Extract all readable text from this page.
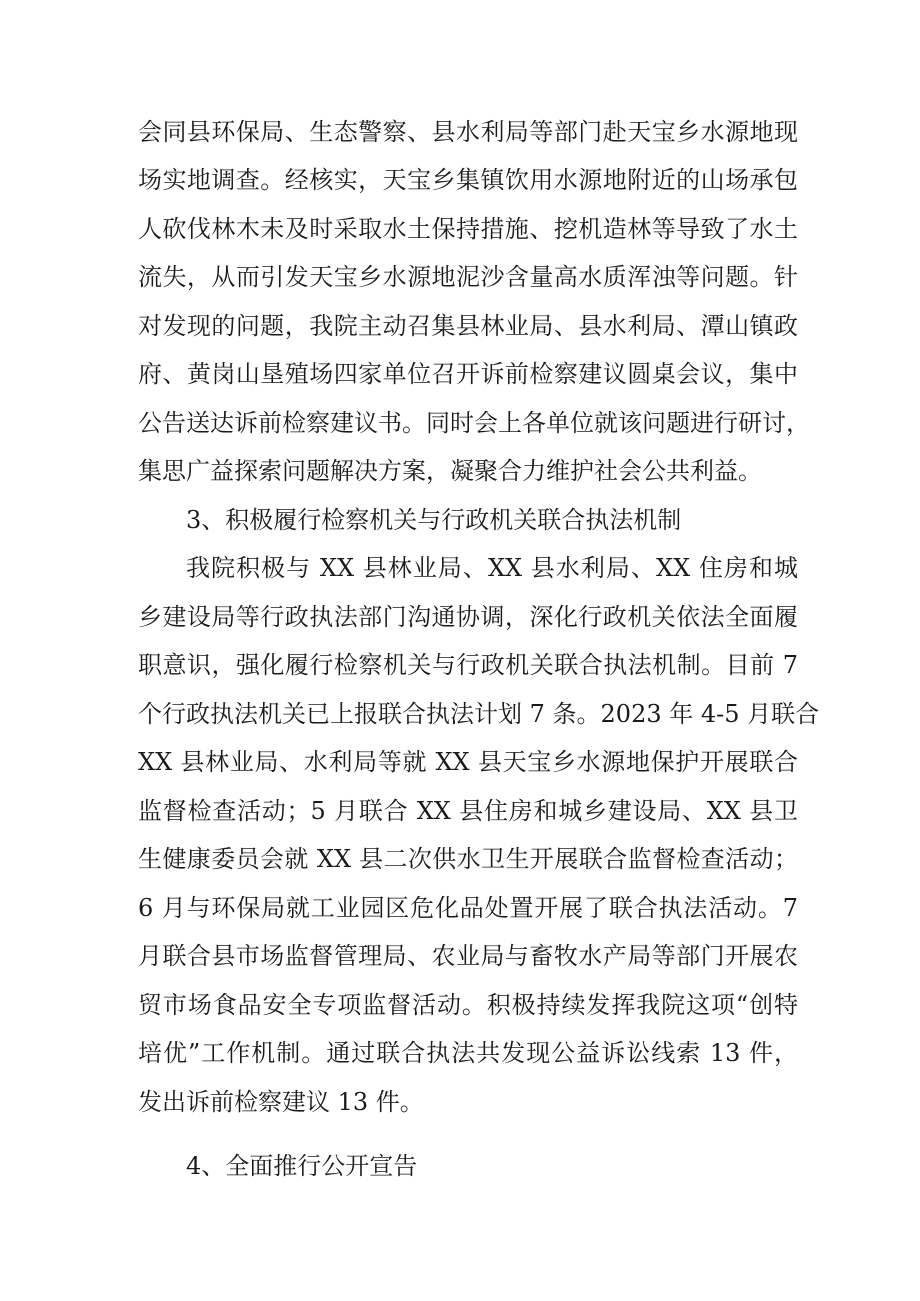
会同县环保局、生态警察、县水利局等部门赴天宝乡水源地现
场实地调查。经核实，天宝乡集镇饮用水源地附近的山场承包
人砍伐林木未及时采取水土保持措施、挖机造林等导致了水土
流失，从而引发天宝乡水源地泥沙含量高水质浑浊等问题。针
对发现的问题，我院主动召集县林业局、县水利局、潭山镇政
府、黄岗山垦殖场四家单位召开诉前检察建议圆桌会议，集中
公告送达诉前检察建议书。同时会上各单位就该问题进行研讨，
集思广益探索问题解决方案，凝聚合力维护社会公共利益。
3、积极履行检察机关与行政机关联合执法机制
我院积极与 XX 县林业局、XX 县水利局、XX 住房和城
乡建设局等行政执法部门沟通协调，深化行政机关依法全面履
职意识，强化履行检察机关与行政机关联合执法机制。目前 7
个行政执法机关已上报联合执法计划 7 条。2023 年 4-5 月联合
XX 县林业局、水利局等就 XX 县天宝乡水源地保护开展联合
监督检查活动；5 月联合 XX 县住房和城乡建设局、XX 县卫
生健康委员会就 XX 县二次供水卫生开展联合监督检查活动；
6 月与环保局就工业园区危化品处置开展了联合执法活动。7
月联合县市场监督管理局、农业局与畜牧水产局等部门开展农
贸市场食品安全专项监督活动。积极持续发挥我院这项“创特
培优”工作机制。通过联合执法共发现公益诉讼线索 13 件，
发出诉前检察建议 13 件。
4、全面推行公开宣告
